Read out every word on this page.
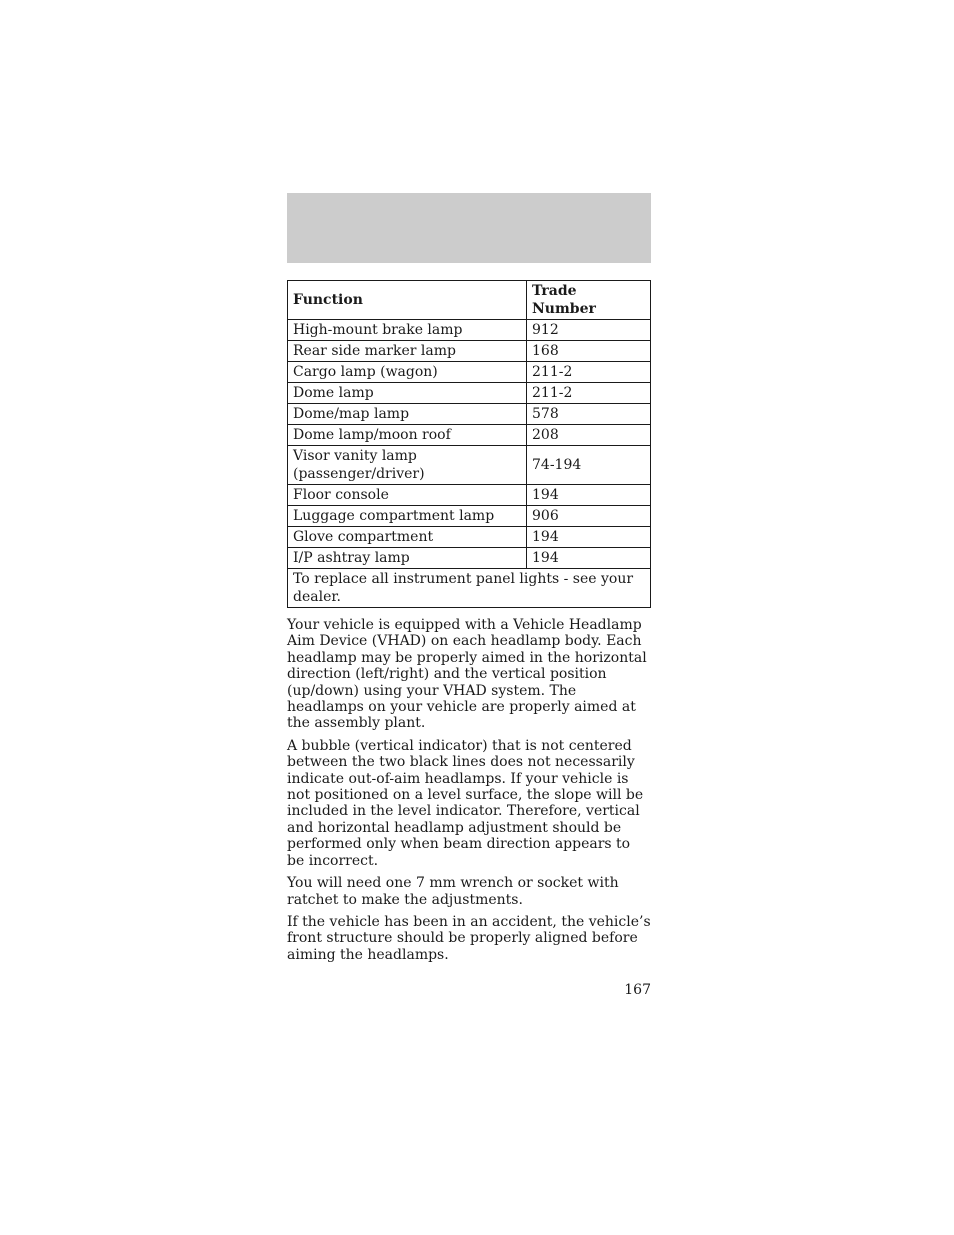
Function	Trade Number
High-mount brake lamp	912
Rear side marker lamp	168
Cargo lamp (wagon)	211-2
Dome lamp	211-2
Dome/map lamp	578
Dome lamp/moon roof	208
Visor vanity lamp (passenger/driver)	74-194
Floor console	194
Luggage compartment lamp	906
Glove compartment	194
I/P ashtray lamp	194
To replace all instrument panel lights - see your dealer.	

Your vehicle is equipped with a Vehicle Headlamp Aim Device (VHAD) on each headlamp body. Each headlamp may be properly aimed in the horizontal direction (left/right) and the vertical position (up/down) using your VHAD system. The headlamps on your vehicle are properly aimed at the assembly plant.

A bubble (vertical indicator) that is not centered between the two black lines does not necessarily indicate out-of-aim headlamps. If your vehicle is not positioned on a level surface, the slope will be included in the level indicator. Therefore, vertical and horizontal headlamp adjustment should be performed only when beam direction appears to be incorrect.

You will need one 7 mm wrench or socket with ratchet to make the adjustments.

If the vehicle has been in an accident, the vehicle’s front structure should be properly aligned before aiming the headlamps.

167
